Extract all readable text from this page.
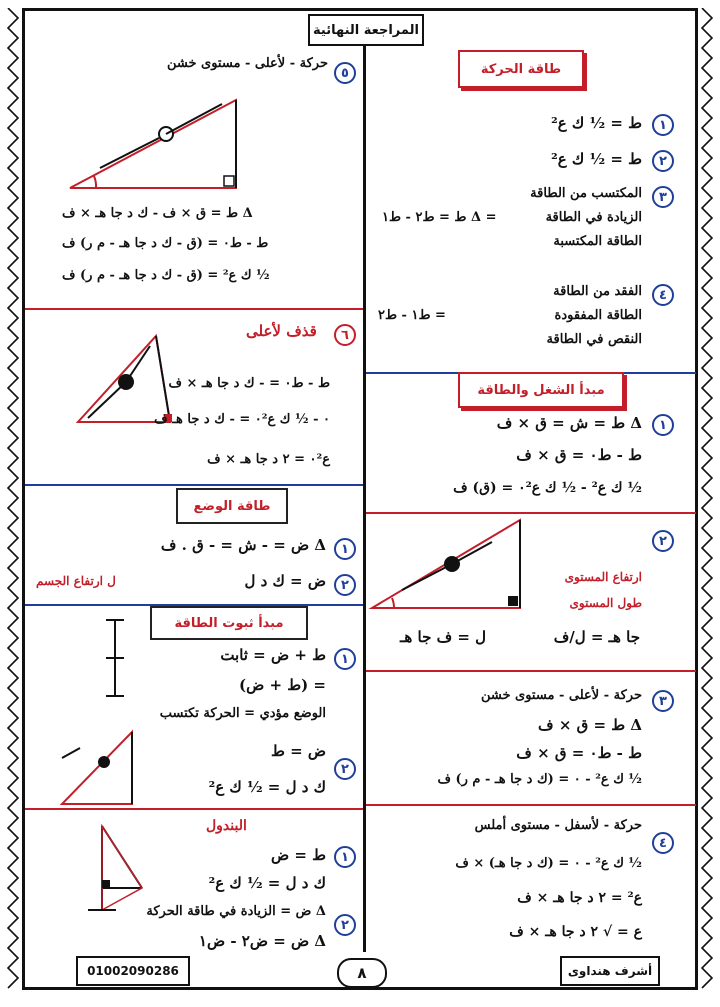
المراجعة النهائية
طاقة الحركة
١
ط = ½ ك ع²
٢
ط = ½ ك ع²
٣
المكتسب من الطاقة
الزيادة في الطاقة
الطاقة المكتسبة
= Δ ط = ط٢ - ط١
٤
الفقد من الطاقة
الطاقة المفقودة
النقص في الطاقة
= ط١ - ط٢
مبدأ الشغل والطاقة
١
Δ ط = ش = ق × ف
ط - ط٠ = ق × ف
½ ك ع² - ½ ك ع٠² = (ق) ف
٢
ارتفاع المستوى
طول المستوى
ل = ف جا هـ	جا هـ = ل/ف
٣
حركة - لأعلى - مستوى خشن
Δ ط = ق × ف
ط - ط٠ = ق × ف
½ ك ع² - ٠ = (ك د جا هـ - م ر) ف
٤
حركة - لأسفل - مستوى أملس
½ ك ع² - ٠ = (ك د جا هـ) × ف
ع² = ٢ د جا هـ × ف
ع = √ ٢ د جا هـ × ف
٥
حركة - لأعلى - مستوى خشن
Δ ط = ق × ف - ك د جا هـ × ف
ط - ط٠ = (ق - ك د جا هـ - م ر) ف
½ ك ع² = (ق - ك د جا هـ - م ر) ف
٦
قذف لأعلى
ط - ط٠ = - ك د جا هـ × ف
٠ - ½ ك ع٠² = - ك د جا هـ ف
ع٠² = ٢ د جا هـ × ف
طاقة الوضع
١
Δ ض = - ش = - ق . ف
٢
ض = ك د ل
ل ارتفاع الجسم
مبدأ ثبوت الطاقة
١
ط + ض = ثابت
= (ط + ض)
الوضع مؤدي = الحركة تكتسب
٢
ض = ط
ك د ل = ½ ك ع²
البندول
١
ط = ض
ك د ل = ½ ك ع²
٢
Δ ض = الزيادة في طاقة الحركة
Δ ض = ض٢ - ض١
01002090286	٨	أشرف هنداوى
